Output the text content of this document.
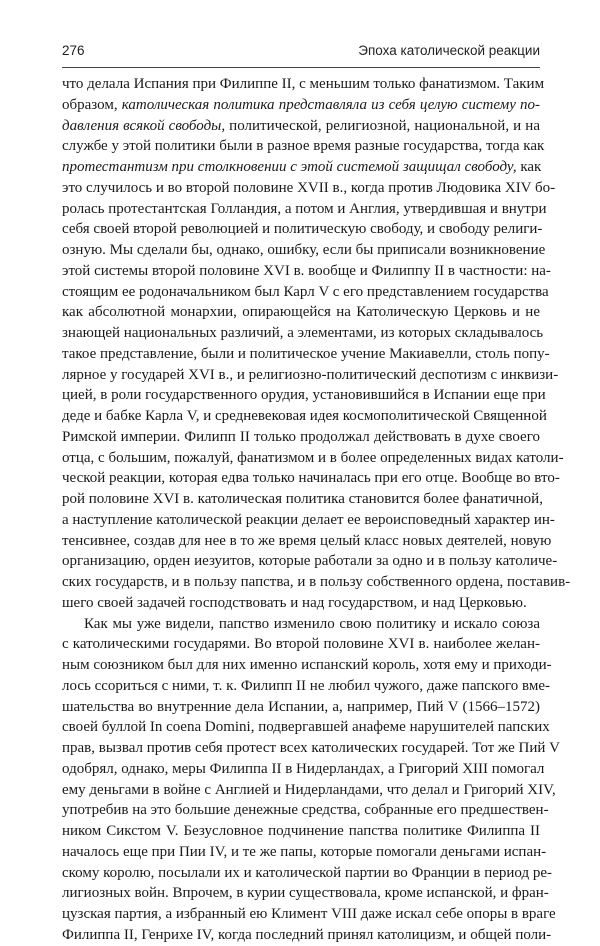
276	Эпоха католической реакции
что делала Испания при Филиппе II, с меньшим только фанатизмом. Таким
образом, католическая политика представляла из себя целую систему по-
давления всякой свободы, политической, религиозной, национальной, и на
службе у этой политики были в разное время разные государства, тогда как
протестантизм при столкновении с этой системой защищал свободу, как
это случилось и во второй половине XVII в., когда против Людовика XIV бо-
ролась протестантская Голландия, а потом и Англия, утвердившая и внутри
себя своей второй революцией и политическую свободу, и свободу религи-
озную. Мы сделали бы, однако, ошибку, если бы приписали возникновение
этой системы второй половине XVI в. вообще и Филиппу II в частности: на-
стоящим ее родоначальником был Карл V с его представлением государства
как абсолютной монархии, опирающейся на Католическую Церковь и не
знающей национальных различий, а элементами, из которых складывалось
такое представление, были и политическое учение Макиавелли, столь попу-
лярное у государей XVI в., и религиозно-политический деспотизм с инквизи-
цией, в роли государственного орудия, установившийся в Испании еще при
деде и бабке Карла V, и средневековая идея космополитической Священной
Римской империи. Филипп II только продолжал действовать в духе своего
отца, с большим, пожалуй, фанатизмом и в более определенных видах католи-
ческой реакции, которая едва только начиналась при его отце. Вообще во вто-
рой половине XVI в. католическая политика становится более фанатичной,
а наступление католической реакции делает ее вероисповедный характер ин-
тенсивнее, создав для нее в то же время целый класс новых деятелей, новую
организацию, орден иезуитов, которые работали за одно и в пользу католиче-
ских государств, и в пользу папства, и в пользу собственного ордена, поставив-
шего своей задачей господствовать и над государством, и над Церковью.
Как мы уже видели, папство изменило свою политику и искало союза
с католическими государями. Во второй половине XVI в. наиболее желан-
ным союзником был для них именно испанский король, хотя ему и приходи-
лось ссориться с ними, т. к. Филипп II не любил чужого, даже папского вме-
шательства во внутренние дела Испании, а, например, Пий V (1566–1572)
своей буллой In coena Domini, подвергавшей анафеме нарушителей папских
прав, вызвал против себя протест всех католических государей. Тот же Пий V
одобрял, однако, меры Филиппа II в Нидерландах, а Григорий XIII помогал
ему деньгами в войне с Англией и Нидерландами, что делал и Григорий XIV,
употребив на это большие денежные средства, собранные его предшествен-
ником Сикстом V. Безусловное подчинение папства политике Филиппа II
началось еще при Пии IV, и те же папы, которые помогали деньгами испан-
скому королю, посылали их и католической партии во Франции в период ре-
лигиозных войн. Впрочем, в курии существовала, кроме испанской, и фран-
цузская партия, а избранный ею Климент VIII даже искал себе опоры в враге
Филиппа II, Генрихе IV, когда последний принял католицизм, и общей поли-
